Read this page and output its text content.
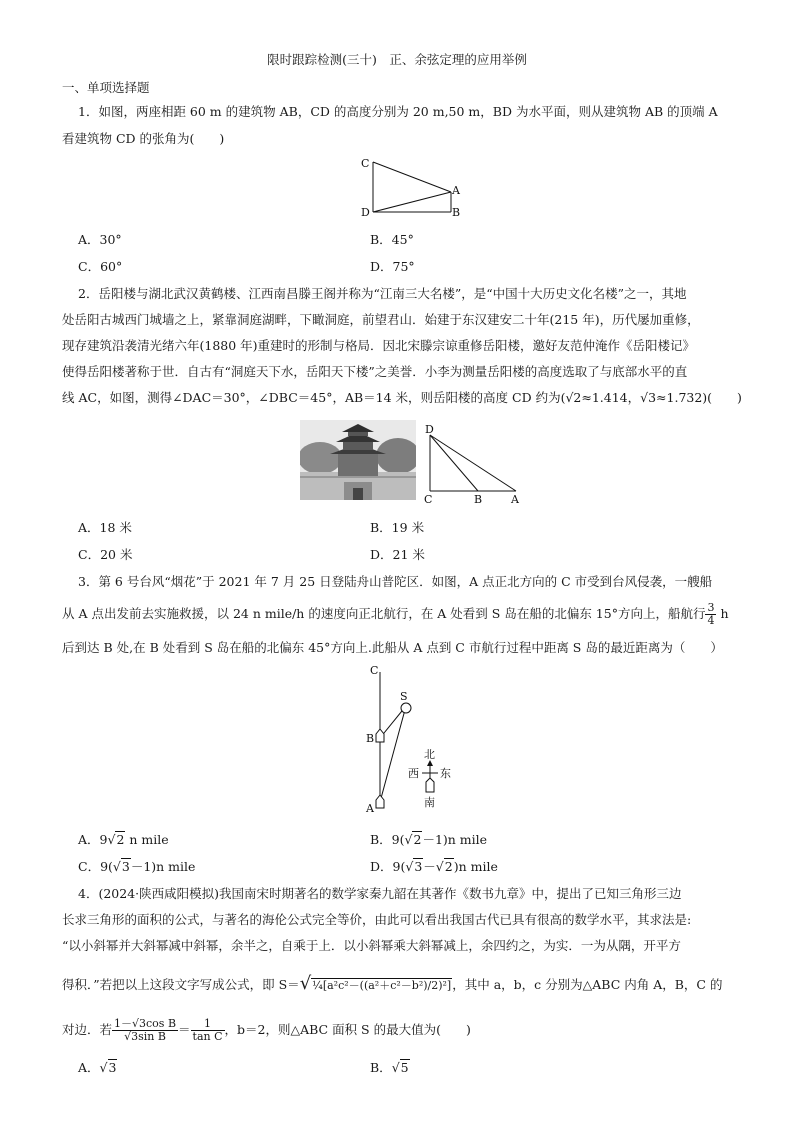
限时跟踪检测(三十)　正、余弦定理的应用举例
一、单项选择题
1．如图，两座相距 60 m 的建筑物 AB，CD 的高度分别为 20 m,50 m，BD 为水平面，则从建筑物 AB 的顶端 A
看建筑物 CD 的张角为(　　)
C
D
A
B
A．30°	B．45°
C．60°	D．75°
2．岳阳楼与湖北武汉黄鹤楼、江西南昌滕王阁并称为“江南三大名楼”，是“中国十大历史文化名楼”之一，其地
处岳阳古城西门城墙之上，紧靠洞庭湖畔，下瞰洞庭，前望君山．始建于东汉建安二十年(215 年)，历代屡加重修，
现存建筑沿袭清光绪六年(1880 年)重建时的形制与格局．因北宋滕宗谅重修岳阳楼，邀好友范仲淹作《岳阳楼记》
使得岳阳楼著称于世．自古有“洞庭天下水，岳阳天下楼”之美誉．小李为测量岳阳楼的高度选取了与底部水平的直
线 AC，如图，测得∠DAC＝30°，∠DBC＝45°，AB＝14 米，则岳阳楼的高度 CD 约为(√2≈1.414，√3≈1.732)(　　)
D
C	B	A
A．18 米	B．19 米
C．20 米	D．21 米
3．第 6 号台风“烟花”于 2021 年 7 月 25 日登陆舟山普陀区．如图，A 点正北方向的 C 市受到台风侵袭，一艘船
从 A 点出发前去实施救援，以 24 n mile/h 的速度向正北航行，在 A 处看到 S 岛在船的北偏东 15°方向上，船航行 $\frac{3}{4}$ h
后到达 B 处,在 B 处看到 S 岛在船的北偏东 45°方向上.此船从 A 点到 C 市航行过程中距离 S 岛的最近距离为（　　）
C
S
B
A
北
西 东
南
A．9√2 n mile	B．9(√2－1)n mile
C．9(√3－1)n mile	D．9(√3－√2)n mile
4．(2024·陕西咸阳模拟)我国南宋时期著名的数学家秦九韶在其著作《数书九章》中，提出了已知三角形三边
长求三角形的面积的公式，与著名的海伦公式完全等价，由此可以看出我国古代已具有很高的数学水平，其求法是:
“以小斜幂并大斜幂减中斜幂，余半之，自乘于上．以小斜幂乘大斜幂减上，余四约之，为实．一为从隅，开平方
得积．”若把以上这段文字写成公式，即 S＝√¼[a²c²－((a²＋c²－b²)/2)²]，其中 a，b，c 分别为△ABC 内角 A，B，C 的
对边．若 $\frac{\text{1－√3cos B}}{\text{√3sin B}} = \frac{1}{\text{tan C}}$ ，b＝2，则△ABC 面积 S 的最大值为(　　)
A．√3	B．√5
